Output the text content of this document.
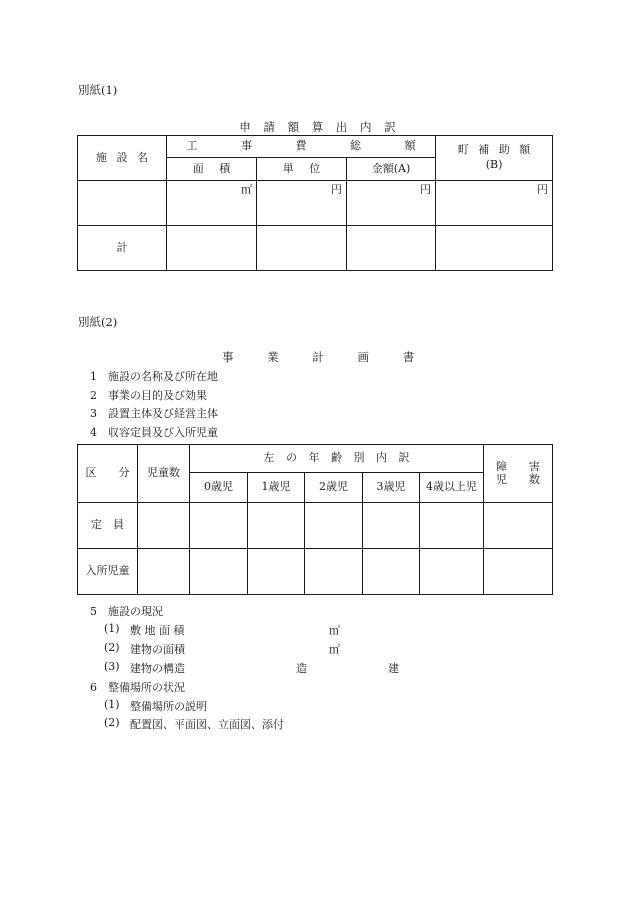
別紙(1)
申 請 額 算 出 内 訳
施 設 名	工 事 費 総 額			町 補 助 額
(B)

	面 積	単 位	金額(A)	
	㎡	円	円	円
計				
別紙(2)
事 業 計 画 書
1　施設の名称及び所在地
2　事業の目的及び効果
3　設置主体及び経営主体
4　収容定員及び入所児童
区　　分	児童数	左 の 年 齢 別 内 訳					障　　害
児　　数

		0歳児	1歳児	2歳児	3歳児	4歳以上児	
定　員							
入所児童							
5　施設の現況
(1) 敷 地 面 積	㎡
(2) 建物の面積	㎡
(3) 建物の構造	造	建
6　整備場所の状況
(1) 整備場所の説明
(2) 配置図、平面図、立面図、添付
